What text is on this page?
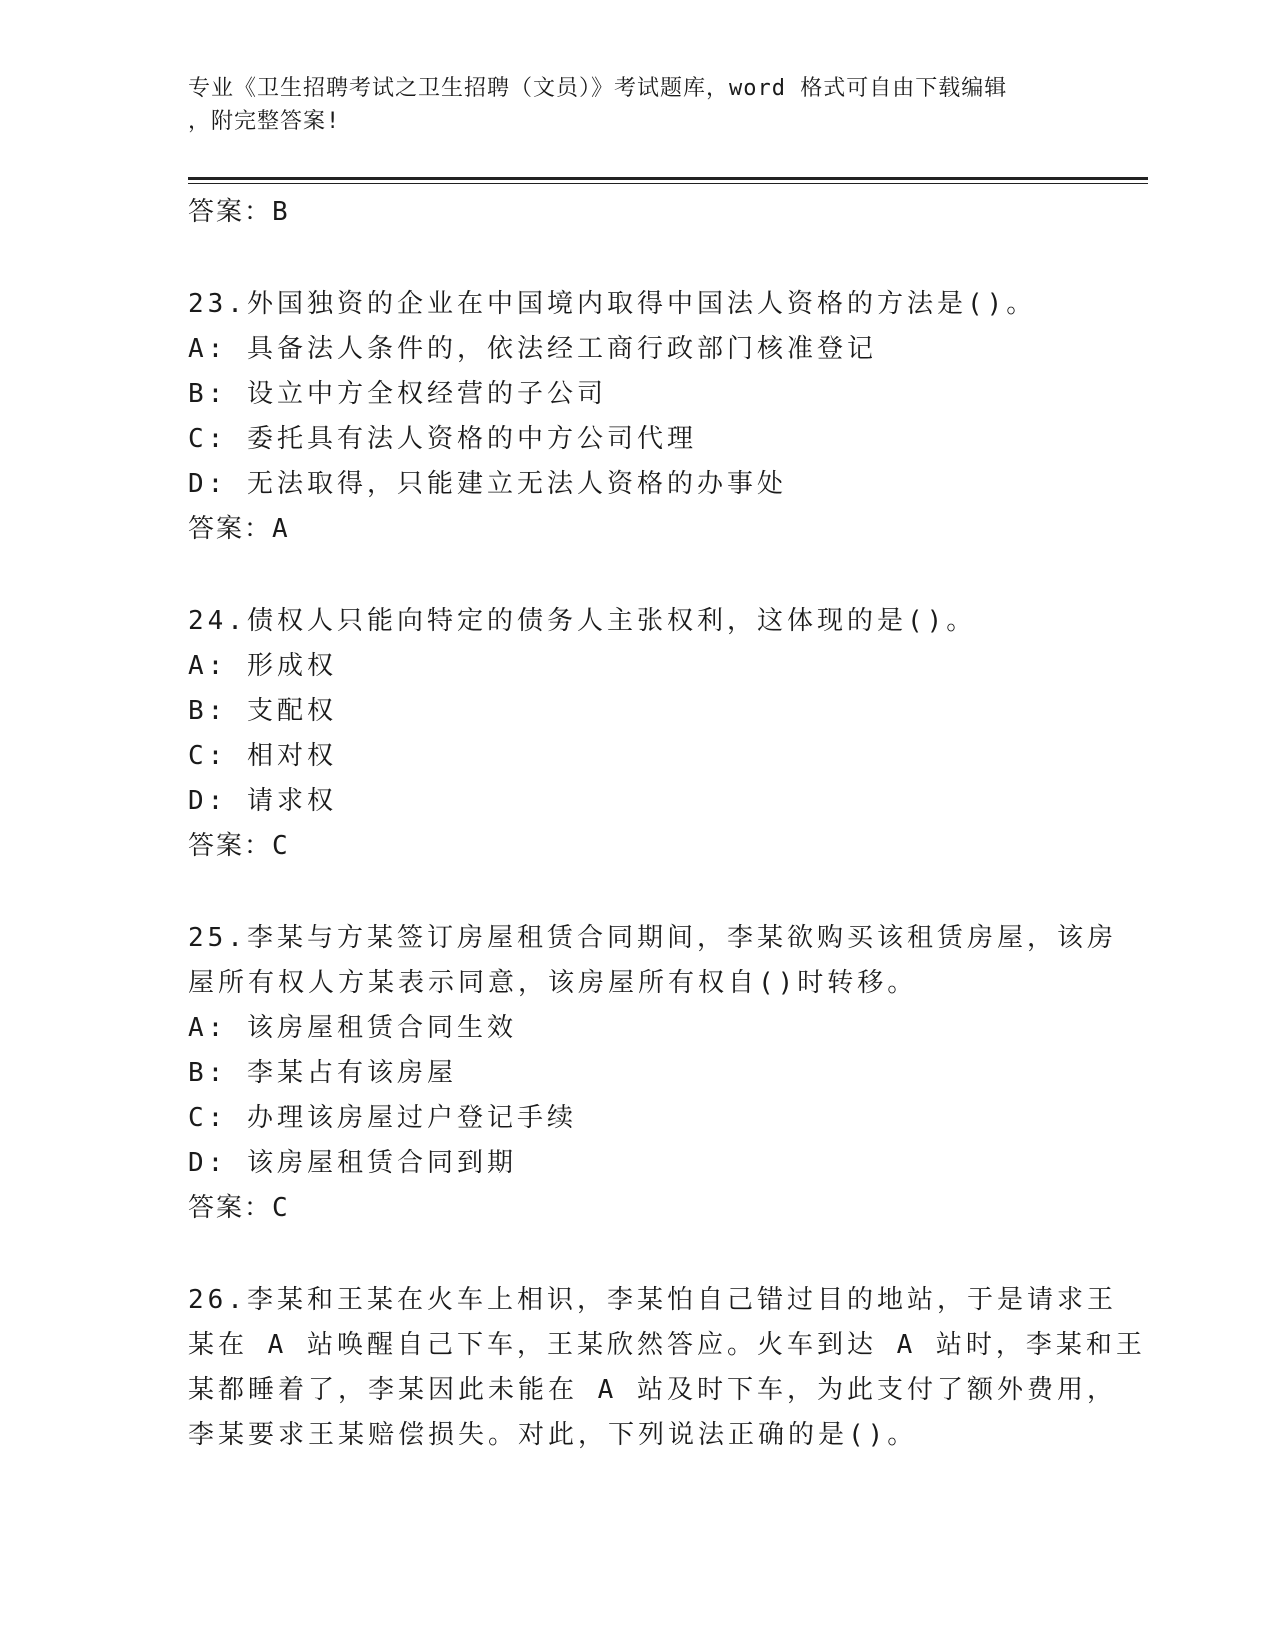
专业《卫生招聘考试之卫生招聘（文员）》考试题库，word 格式可自由下载编辑
，附完整答案!
答案：B
23.外国独资的企业在中国境内取得中国法人资格的方法是()。
A: 具备法人条件的，依法经工商行政部门核准登记
B: 设立中方全权经营的子公司
C: 委托具有法人资格的中方公司代理
D: 无法取得，只能建立无法人资格的办事处
答案：A
24.债权人只能向特定的债务人主张权利，这体现的是()。
A: 形成权
B: 支配权
C: 相对权
D: 请求权
答案：C
25.李某与方某签订房屋租赁合同期间，李某欲购买该租赁房屋，该房
屋所有权人方某表示同意，该房屋所有权自()时转移。
A: 该房屋租赁合同生效
B: 李某占有该房屋
C: 办理该房屋过户登记手续
D: 该房屋租赁合同到期
答案：C
26.李某和王某在火车上相识，李某怕自己错过目的地站，于是请求王
某在 A 站唤醒自己下车，王某欣然答应。火车到达 A 站时，李某和王
某都睡着了，李某因此未能在 A 站及时下车，为此支付了额外费用，
李某要求王某赔偿损失。对此，下列说法正确的是()。
